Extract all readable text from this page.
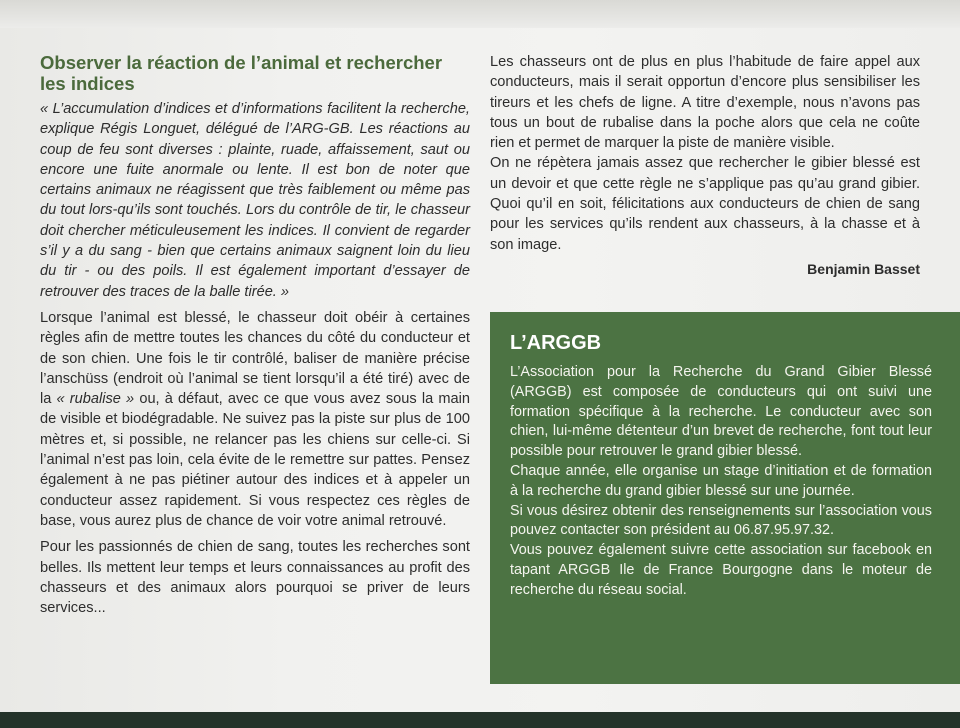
Observer la réaction de l’animal et rechercher les indices

« L’accumulation d’indices et d’informations facilitent la recherche, explique Régis Longuet, délégué de l’ARG-GB. Les réactions au coup de feu sont diverses : plainte, ruade, affaissement, saut ou encore une fuite anormale ou lente. Il est bon de noter que certains animaux ne réagissent que très faiblement ou même pas du tout lors-qu’ils sont touchés. Lors du contrôle de tir, le chasseur doit chercher méticuleusement les indices. Il convient de regarder s’il y a du sang - bien que certains animaux saignent loin du lieu du tir - ou des poils. Il est également important d’essayer de retrouver des traces de la balle tirée. »

Lorsque l’animal est blessé, le chasseur doit obéir à certaines règles afin de mettre toutes les chances du côté du conducteur et de son chien. Une fois le tir contrôlé, baliser de manière précise l’anschüss (endroit où l’animal se tient lorsqu’il a été tiré) avec de la « rubalise » ou, à défaut, avec ce que vous avez sous la main de visible et biodégradable. Ne suivez pas la piste sur plus de 100 mètres et, si possible, ne relancer pas les chiens sur celle-ci. Si l’animal n’est pas loin, cela évite de le remettre sur pattes. Pensez également à ne pas piétiner autour des indices et à appeler un conducteur assez rapidement. Si vous respectez ces règles de base, vous aurez plus de chance de voir votre animal retrouvé.

Pour les passionnés de chien de sang, toutes les recherches sont belles. Ils mettent leur temps et leurs connaissances au profit des chasseurs et des animaux alors pourquoi se priver de leurs services...

Les chasseurs ont de plus en plus l’habitude de faire appel aux conducteurs, mais il serait opportun d’encore plus sensibiliser les tireurs et les chefs de ligne. A titre d’exemple, nous n’avons pas tous un bout de rubalise dans la poche alors que cela ne coûte rien et permet de marquer la piste de manière visible.

On ne répètera jamais assez que rechercher le gibier blessé est un devoir et que cette règle ne s’applique pas qu’au grand gibier. Quoi qu’il en soit, félicitations aux conducteurs de chien de sang pour les services qu’ils rendent aux chasseurs, à la chasse et à son image.

Benjamin Basset

L’ARGGB

L’Association pour la Recherche du Grand Gibier Blessé (ARGGB) est composée de conducteurs qui ont suivi une formation spécifique à la recherche. Le conducteur avec son chien, lui-même détenteur d’un brevet de recherche, font tout leur possible pour retrouver le grand gibier blessé.

Chaque année, elle organise un stage d’initiation et de formation à la recherche du grand gibier blessé sur une journée.

Si vous désirez obtenir des renseignements sur l’association vous pouvez contacter son président au 06.87.95.97.32.

Vous pouvez également suivre cette association sur facebook en tapant ARGGB Ile de France Bourgogne dans le moteur de recherche du réseau social.
